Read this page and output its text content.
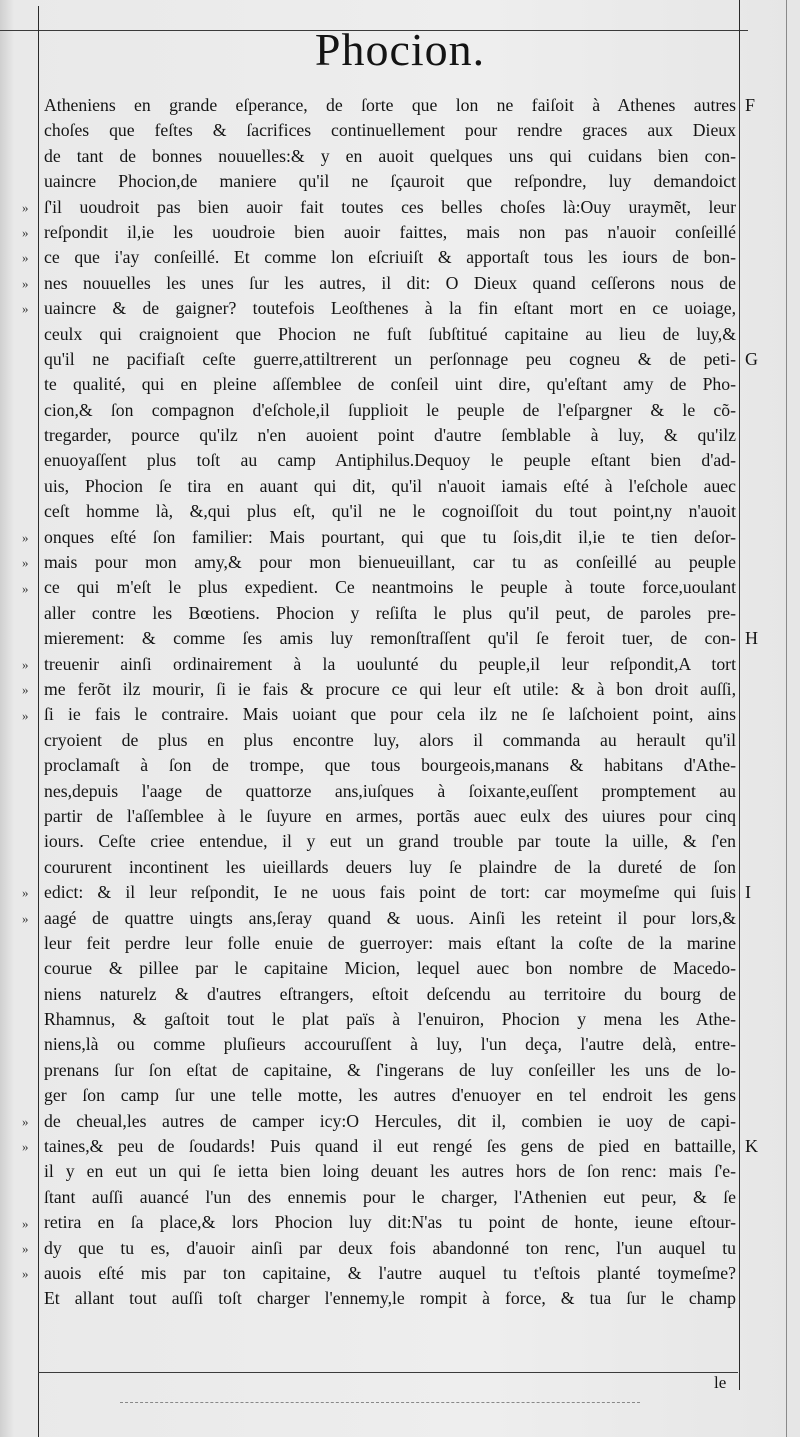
Phocion.
Atheniens en grande eſperance, de ſorte que lon ne faiſoit à Athenes autres
choſes que feſtes & ſacrifices continuellement pour rendre graces aux Dieux
de tant de bonnes nouuelles:& y en auoit quelques uns qui cuidans bien con-
uaincre Phocion,de maniere qu'il ne ſçauroit que reſpondre, luy demandoict
ſ'il uoudroit pas bien auoir fait toutes ces belles choſes là:Ouy uraymẽt, leur
reſpondit il,ie les uoudroie bien auoir faittes, mais non pas n'auoir conſeillé
ce que i'ay conſeillé. Et comme lon eſcriuiſt & apportaſt tous les iours de bon-
nes nouuelles les unes ſur les autres, il dit: O Dieux quand ceſſerons nous de
uaincre & de gaigner? toutefois Leoſthenes à la fin eſtant mort en ce uoiage,
ceulx qui craignoient que Phocion ne fuſt ſubſtitué capitaine au lieu de luy,&
qu'il ne pacifiaſt ceſte guerre,attiltrerent un perſonnage peu cogneu & de peti-
te qualité, qui en pleine aſſemblee de conſeil uint dire, qu'eſtant amy de Pho-
cion,& ſon compagnon d'eſchole,il ſupplioit le peuple de l'eſpargner & le cõ-
tregarder, pource qu'ilz n'en auoient point d'autre ſemblable à luy, & qu'ilz
enuoyaſſent plus toſt au camp Antiphilus.Dequoy le peuple eſtant bien d'ad-
uis, Phocion ſe tira en auant qui dit, qu'il n'auoit iamais eſté à l'eſchole auec
ceſt homme là, &,qui plus eſt, qu'il ne le cognoiſſoit du tout point,ny n'auoit
onques eſté ſon familier: Mais pourtant, qui que tu ſois,dit il,ie te tien deſor-
mais pour mon amy,& pour mon bienueuillant, car tu as conſeillé au peuple
ce qui m'eſt le plus expedient. Ce neantmoins le peuple à toute force,uoulant
aller contre les Bœotiens. Phocion y reſiſta le plus qu'il peut, de paroles pre-
mierement: & comme ſes amis luy remonſtraſſent qu'il ſe feroit tuer, de con-
treuenir ainſi ordinairement à la uoulunté du peuple,il leur reſpondit,A tort
me ferõt ilz mourir, ſi ie fais & procure ce qui leur eſt utile: & à bon droit auſſi,
ſi ie fais le contraire. Mais uoiant que pour cela ilz ne ſe laſchoient point, ains
cryoient de plus en plus encontre luy, alors il commanda au herault qu'il
proclamaſt à ſon de trompe, que tous bourgeois,manans & habitans d'Athe-
nes,depuis l'aage de quattorze ans,iuſques à ſoixante,euſſent promptement au
partir de l'aſſemblee à le ſuyure en armes, portãs auec eulx des uiures pour cinq
iours. Ceſte criee entendue, il y eut un grand trouble par toute la uille, & ſ'en
coururent incontinent les uieillards deuers luy ſe plaindre de la dureté de ſon
edict: & il leur reſpondit, Ie ne uous fais point de tort: car moymeſme qui ſuis
aagé de quattre uingts ans,ſeray quand & uous. Ainſi les reteint il pour lors,&
leur feit perdre leur folle enuie de guerroyer: mais eſtant la coſte de la marine
courue & pillee par le capitaine Micion, lequel auec bon nombre de Macedo-
niens naturelz & d'autres eſtrangers, eſtoit deſcendu au territoire du bourg de
Rhamnus, & gaſtoit tout le plat païs à l'enuiron, Phocion y mena les Athe-
niens,là ou comme pluſieurs accouruſſent à luy, l'un deça, l'autre delà, entre-
prenans ſur ſon eſtat de capitaine, & ſ'ingerans de luy conſeiller les uns de lo-
ger ſon camp ſur une telle motte, les autres d'enuoyer en tel endroit les gens
de cheual,les autres de camper icy:O Hercules, dit il, combien ie uoy de capi-
taines,& peu de ſoudards! Puis quand il eut rengé ſes gens de pied en battaille,
il y en eut un qui ſe ietta bien loing deuant les autres hors de ſon renc: mais ſ'e-
ſtant auſſi auancé l'un des ennemis pour le charger, l'Athenien eut peur, & ſe
retira en ſa place,& lors Phocion luy dit:N'as tu point de honte, ieune eſtour-
dy que tu es, d'auoir ainſi par deux fois abandonné ton renc, l'un auquel tu
auois eſté mis par ton capitaine, & l'autre auquel tu t'eſtois planté toymeſme?
Et allant tout auſſi toſt charger l'ennemy,le rompit à force, & tua ſur le champ
»
»
»
»
»
»
»
»
»
»
»
»
»
»
»
»
»
»
F
G
H
I
K
le
